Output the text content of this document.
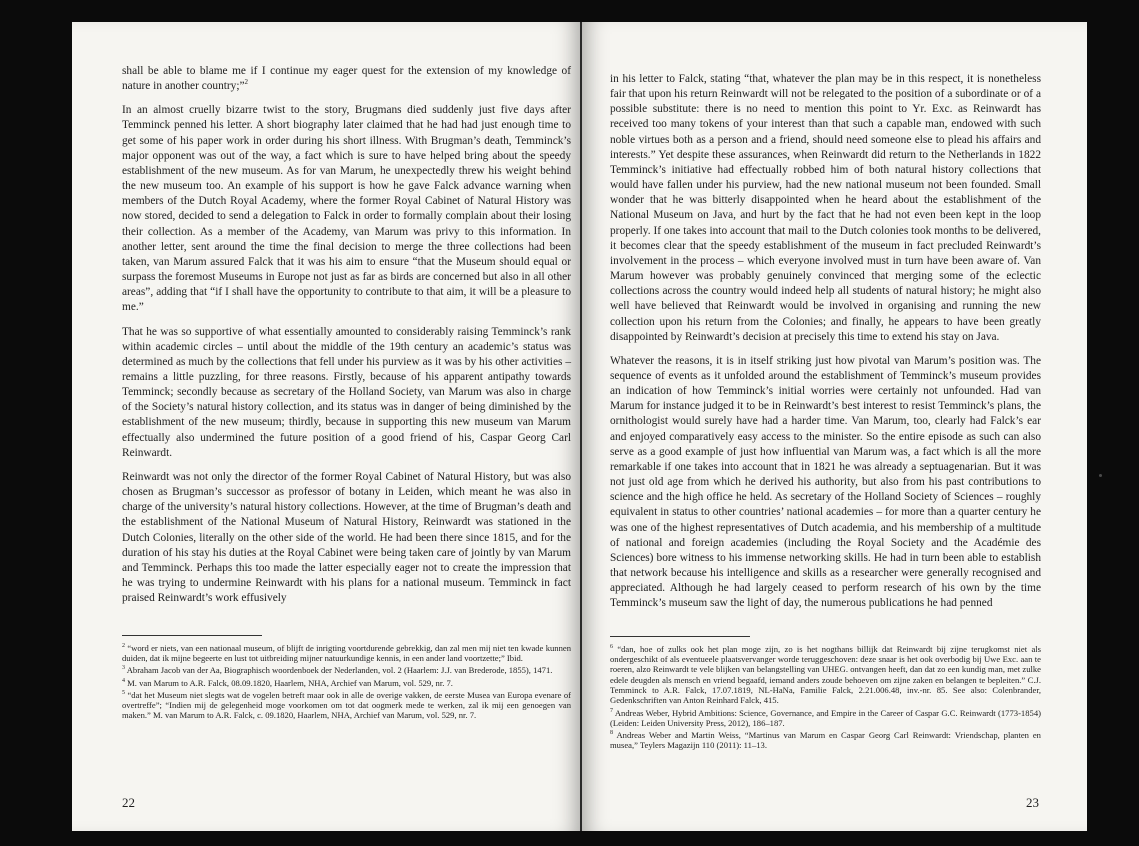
shall be able to blame me if I continue my eager quest for the extension of my knowledge of nature in another country;”$^2$

In an almost cruelly bizarre twist to the story, Brugmans died suddenly just five days after Temminck penned his letter. A short biography later claimed that he had had just enough time to get some of his paper work in order during his short illness. With Brugman’s death, Temminck’s major opponent was out of the way, a fact which is sure to have helped bring about the speedy establishment of the new museum. As for van Marum, he unexpectedly threw his weight behind the new museum too. An example of his support is how he gave Falck advance warning when members of the Dutch Royal Academy, where the former Royal Cabinet of Natural History was now stored, decided to send a delegation to Falck in order to formally complain about their losing their collection. As a member of the Academy, van Marum was privy to this information. In another letter, sent around the time the final decision to merge the three collections had been taken, van Marum assured Falck that it was his aim to ensure “that the Museum should equal or surpass the foremost Museums in Europe not just as far as birds are concerned but also in all other areas”, adding that “if I shall have the opportunity to contribute to that aim, it will be a pleasure to me.”

That he was so supportive of what essentially amounted to considerably raising Temminck’s rank within academic circles – until about the middle of the 19th century an academic’s status was determined as much by the collections that fell under his purview as it was by his other activities – remains a little puzzling, for three reasons. Firstly, because of his apparent antipathy towards Temminck; secondly because as secretary of the Holland Society, van Marum was also in charge of the Society’s natural history collection, and its status was in danger of being diminished by the establishment of the new museum; thirdly, because in supporting this new museum van Marum effectually also undermined the future position of a good friend of his, Caspar Georg Carl Reinwardt.

Reinwardt was not only the director of the former Royal Cabinet of Natural History, but was also chosen as Brugman’s successor as professor of botany in Leiden, which meant he was also in charge of the university’s natural history collections. However, at the time of Brugman’s death and the establishment of the National Museum of Natural History, Reinwardt was stationed in the Dutch Colonies, literally on the other side of the world. He had been there since 1815, and for the duration of his stay his duties at the Royal Cabinet were being taken care of jointly by van Marum and Temminck. Perhaps this too made the latter especially eager not to create the impression that he was trying to undermine Reinwardt with his plans for a national museum. Temminck in fact praised Reinwardt’s work effusively

$^2$ “word er niets, van een nationaal museum, of blijft de inrigting voortdurende gebrekkig, dan zal men mij niet ten kwade kunnen duiden, dat ik mijne begeerte en lust tot uitbreiding mijner natuurkundige kennis, in een ander land voortzette;” Ibid.

$^3$ Abraham Jacob van der Aa, Biographisch woordenboek der Nederlanden, vol. 2 (Haarlem: J.J. van Brederode, 1855), 1471.

$^4$ M. van Marum to A.R. Falck, 08.09.1820, Haarlem, NHA, Archief van Marum, vol. 529, nr. 7.

$^5$ “dat het Museum niet slegts wat de vogelen betreft maar ook in alle de overige vakken, de eerste Musea van Europa evenare of overtreffe”; “Indien mij de gelegenheid moge voorkomen om tot dat oogmerk mede te werken, zal ik mij een genoegen van maken.” M. van Marum to A.R. Falck, c. 09.1820, Haarlem, NHA, Archief van Marum, vol. 529, nr. 7.

22

in his letter to Falck, stating “that, whatever the plan may be in this respect, it is nonetheless fair that upon his return Reinwardt will not be relegated to the position of a subordinate or of a possible substitute: there is no need to mention this point to Yr. Exc. as Reinwardt has received too many tokens of your interest than that such a capable man, endowed with such noble virtues both as a person and a friend, should need someone else to plead his affairs and interests.” Yet despite these assurances, when Reinwardt did return to the Netherlands in 1822 Temminck’s initiative had effectually robbed him of both natural history collections that would have fallen under his purview, had the new national museum not been founded. Small wonder that he was bitterly disappointed when he heard about the establishment of the National Museum on Java, and hurt by the fact that he had not even been kept in the loop properly. If one takes into account that mail to the Dutch colonies took months to be delivered, it becomes clear that the speedy establishment of the museum in fact precluded Reinwardt’s involvement in the process – which everyone involved must in turn have been aware of. Van Marum however was probably genuinely convinced that merging some of the eclectic collections across the country would indeed help all students of natural history; he might also well have believed that Reinwardt would be involved in organising and running the new collection upon his return from the Colonies; and finally, he appears to have been greatly disappointed by Reinwardt’s decision at precisely this time to extend his stay on Java.

Whatever the reasons, it is in itself striking just how pivotal van Marum’s position was. The sequence of events as it unfolded around the establishment of Temminck’s museum provides an indication of how Temminck’s initial worries were certainly not unfounded. Had van Marum for instance judged it to be in Reinwardt’s best interest to resist Temminck’s plans, the ornithologist would surely have had a harder time. Van Marum, too, clearly had Falck’s ear and enjoyed comparatively easy access to the minister. So the entire episode as such can also serve as a good example of just how influential van Marum was, a fact which is all the more remarkable if one takes into account that in 1821 he was already a septuagenarian. But it was not just old age from which he derived his authority, but also from his past contributions to science and the high office he held. As secretary of the Holland Society of Sciences – roughly equivalent in status to other countries’ national academies – for more than a quarter century he was one of the highest representatives of Dutch academia, and his membership of a multitude of national and foreign academies (including the Royal Society and the Académie des Sciences) bore witness to his immense networking skills. He had in turn been able to establish that network because his intelligence and skills as a researcher were generally recognised and appreciated. Although he had largely ceased to perform research of his own by the time Temminck’s museum saw the light of day, the numerous publications he had penned

$^6$ “dan, hoe of zulks ook het plan moge zijn, zo is het nogthans billijk dat Reinwardt bij zijne terugkomst niet als ondergeschikt of als eventueele plaatsvervanger worde teruggeschoven: deze snaar is het ook overbodig bij Uwe Exc. aan te roeren, alzo Reinwardt te vele blijken van belangstelling van UHEG. ontvangen heeft, dan dat zo een kundig man, met zulke edele deugden als mensch en vriend begaafd, iemand anders zoude behoeven om zijne zaken en belangen te bepleiten.” C.J. Temminck to A.R. Falck, 17.07.1819, NL-HaNa, Familie Falck, 2.21.006.48, inv.-nr. 85. See also: Colenbrander, Gedenkschriften van Anton Reinhard Falck, 415.

$^7$ Andreas Weber, Hybrid Ambitions: Science, Governance, and Empire in the Career of Caspar G.C. Reinwardt (1773-1854) (Leiden: Leiden University Press, 2012), 186–187.

$^8$ Andreas Weber and Martin Weiss, “Martinus van Marum en Caspar Georg Carl Reinwardt: Vriendschap, planten en musea,” Teylers Magazijn 110 (2011): 11–13.

23
